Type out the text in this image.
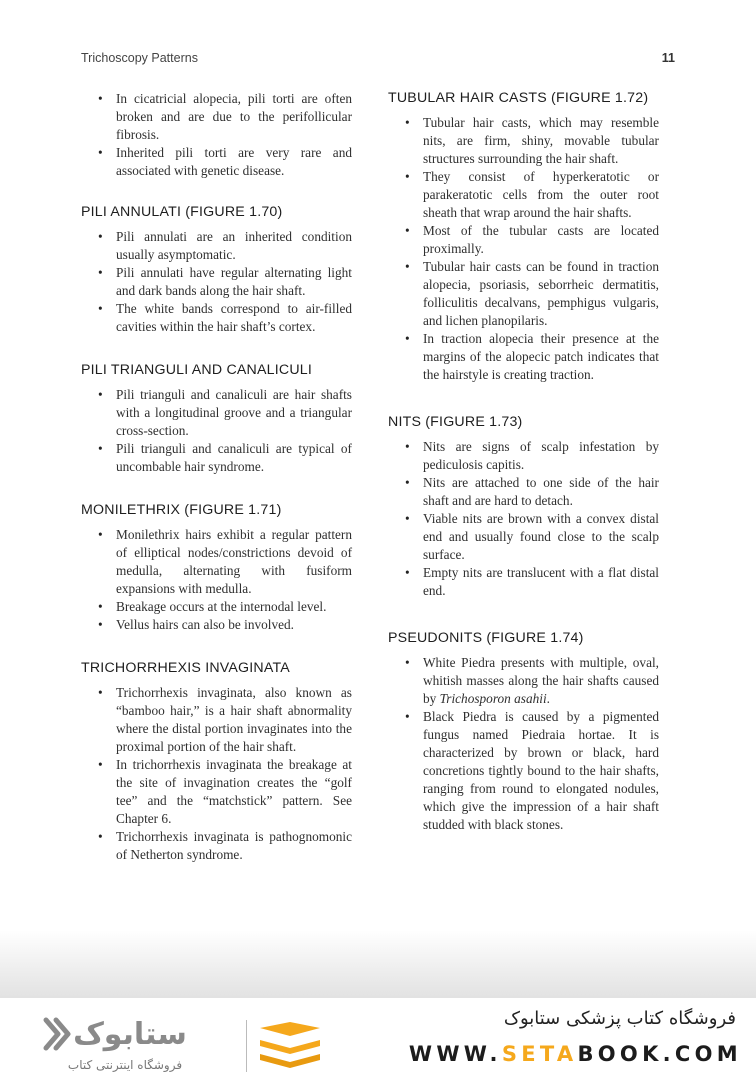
Trichoscopy Patterns	11
• In cicatricial alopecia, pili torti are often broken and are due to the perifollicular fibrosis.
• Inherited pili torti are very rare and associated with genetic disease.
PILI ANNULATI (FIGURE 1.70)
• Pili annulati are an inherited condition usually asymptomatic.
• Pili annulati have regular alternating light and dark bands along the hair shaft.
• The white bands correspond to air-filled cavities within the hair shaft’s cortex.
PILI TRIANGULI AND CANALICULI
• Pili trianguli and canaliculi are hair shafts with a longitudinal groove and a triangular cross-section.
• Pili trianguli and canaliculi are typical of uncombable hair syndrome.
MONILETHRIX (FIGURE 1.71)
• Monilethrix hairs exhibit a regular pattern of elliptical nodes/constrictions devoid of medulla, alternating with fusiform expansions with medulla.
• Breakage occurs at the internodal level.
• Vellus hairs can also be involved.
TRICHORRHEXIS INVAGINATA
• Trichorrhexis invaginata, also known as “bamboo hair,” is a hair shaft abnormality where the distal portion invaginates into the proximal portion of the hair shaft.
• In trichorrhexis invaginata the breakage at the site of invagination creates the “golf tee” and the “matchstick” pattern. See Chapter 6.
• Trichorrhexis invaginata is pathognomonic of Netherton syndrome.
TUBULAR HAIR CASTS (FIGURE 1.72)
• Tubular hair casts, which may resemble nits, are firm, shiny, movable tubular structures surrounding the hair shaft.
• They consist of hyperkeratotic or parakeratotic cells from the outer root sheath that wrap around the hair shafts.
• Most of the tubular casts are located proximally.
• Tubular hair casts can be found in traction alopecia, psoriasis, seborrheic dermatitis, folliculitis decalvans, pemphigus vulgaris, and lichen planopilaris.
• In traction alopecia their presence at the margins of the alopecic patch indicates that the hairstyle is creating traction.
NITS (FIGURE 1.73)
• Nits are signs of scalp infestation by pediculosis capitis.
• Nits are attached to one side of the hair shaft and are hard to detach.
• Viable nits are brown with a convex distal end and usually found close to the scalp surface.
• Empty nits are translucent with a flat distal end.
PSEUDONITS (FIGURE 1.74)
• White Piedra presents with multiple, oval, whitish masses along the hair shafts caused by Trichosporon asahii.
• Black Piedra is caused by a pigmented fungus named Piedraia hortae. It is characterized by brown or black, hard concretions tightly bound to the hair shafts, ranging from round to elongated nodules, which give the impression of a hair shaft studded with black stones.
ستابوک
فروشگاه اینترنتی کتاب
فروشگاه کتاب پزشکی ستابوک
WWW.SETABOOK.COM
